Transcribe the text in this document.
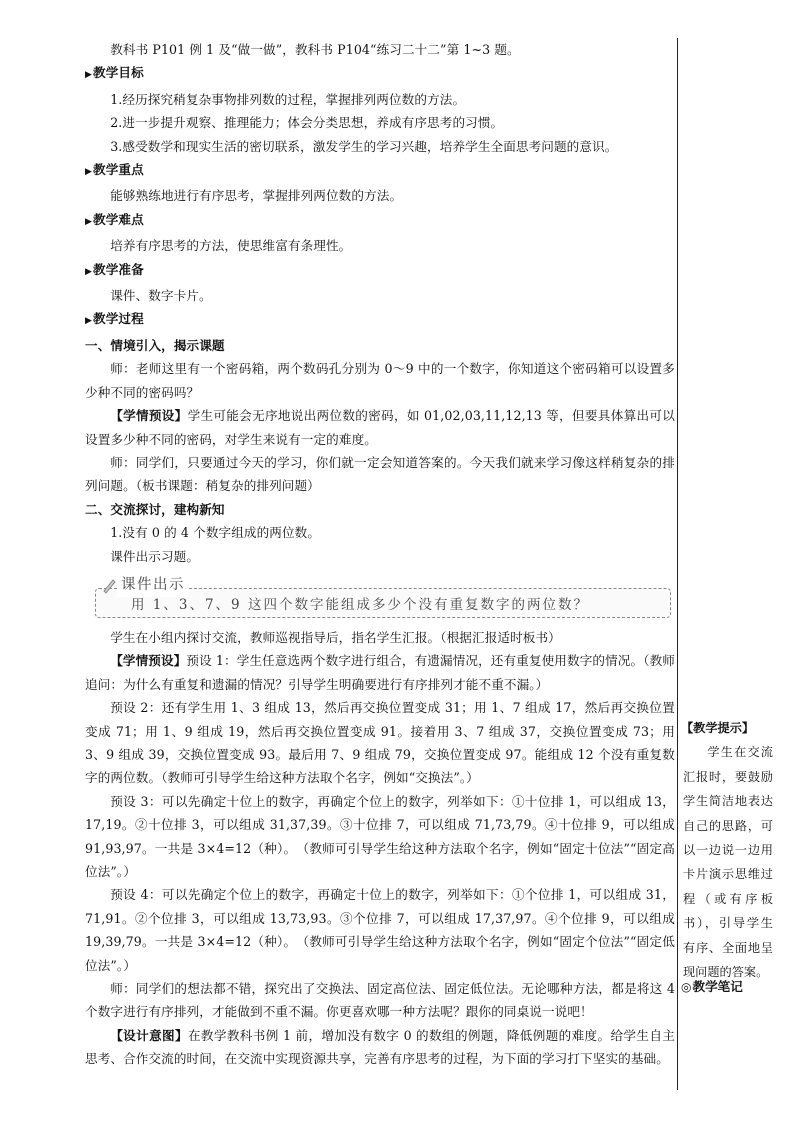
教科书 P101 例 1 及“做一做”，教科书 P104“练习二十二”第 1~3 题。

▶教学目标

1.经历探究稍复杂事物排列数的过程，掌握排列两位数的方法。

2.进一步提升观察、推理能力；体会分类思想，养成有序思考的习惯。

3.感受数学和现实生活的密切联系，激发学生的学习兴趣，培养学生全面思考问题的意识。

▶教学重点

能够熟练地进行有序思考，掌握排列两位数的方法。

▶教学难点

培养有序思考的方法，使思维富有条理性。

▶教学准备

课件、数字卡片。

▶教学过程

一、情境引入，揭示课题

师：老师这里有一个密码箱，两个数码孔分别为 0～9 中的一个数字，你知道这个密码箱可以设置多少种不同的密码吗？

【学情预设】学生可能会无序地说出两位数的密码，如 01,02,03,11,12,13 等，但要具体算出可以设置多少种不同的密码，对学生来说有一定的难度。

师：同学们，只要通过今天的学习，你们就一定会知道答案的。今天我们就来学习像这样稍复杂的排列问题。（板书课题：稍复杂的排列问题）

二、交流探讨，建构新知

1.没有 0 的 4 个数字组成的两位数。

课件出示习题。

课件出示
用 1、3、7、9 这四个数字能组成多少个没有重复数字的两位数？

学生在小组内探讨交流，教师巡视指导后，指名学生汇报。（根据汇报适时板书）

【学情预设】预设 1：学生任意选两个数字进行组合，有遗漏情况，还有重复使用数字的情况。（教师追问：为什么有重复和遗漏的情况？引导学生明确要进行有序排列才能不重不漏。）

预设 2：还有学生用 1、3 组成 13，然后再交换位置变成 31；用 1、7 组成 17，然后再交换位置变成 71；用 1、9 组成 19，然后再交换位置变成 91。接着用 3、7 组成 37，交换位置变成 73；用 3、9 组成 39，交换位置变成 93。最后用 7、9 组成 79，交换位置变成 97。能组成 12 个没有重复数字的两位数。（教师可引导学生给这种方法取个名字，例如“交换法”。）

预设 3：可以先确定十位上的数字，再确定个位上的数字，列举如下：①十位排 1，可以组成 13，17,19。②十位排 3，可以组成 31,37,39。③十位排 7，可以组成 71,73,79。④十位排 9，可以组成 91,93,97。一共是 3×4=12（种）。　（教师可引导学生给这种方法取个名字，例如“固定十位法”“固定高位法”。）

预设 4：可以先确定个位上的数字，再确定十位上的数字，列举如下：①个位排 1，可以组成 31，71,91。②个位排 3，可以组成 13,73,93。③个位排 7，可以组成 17,37,97。④个位排 9，可以组成 19,39,79。一共是 3×4=12（种）。　（教师可引导学生给这种方法取个名字，例如“固定个位法”“固定低位法”。）

师：同学们的想法都不错，探究出了交换法、固定高位法、固定低位法。无论哪种方法，都是将这 4 个数字进行有序排列，才能做到不重不漏。你更喜欢哪一种方法呢？跟你的同桌说一说吧！

【设计意图】在教学教科书例 1 前，增加没有数字 0 的数组的例题，降低例题的难度。给学生自主思考、合作交流的时间，在交流中实现资源共享，完善有序思考的过程，为下面的学习打下坚实的基础。

【教学提示】

学生在交流汇报时，要鼓励学生简洁地表达自己的思路，可以一边说一边用卡片演示思维过程（或有序板书），引导学生有序、全面地呈现问题的答案。

◎教学笔记
